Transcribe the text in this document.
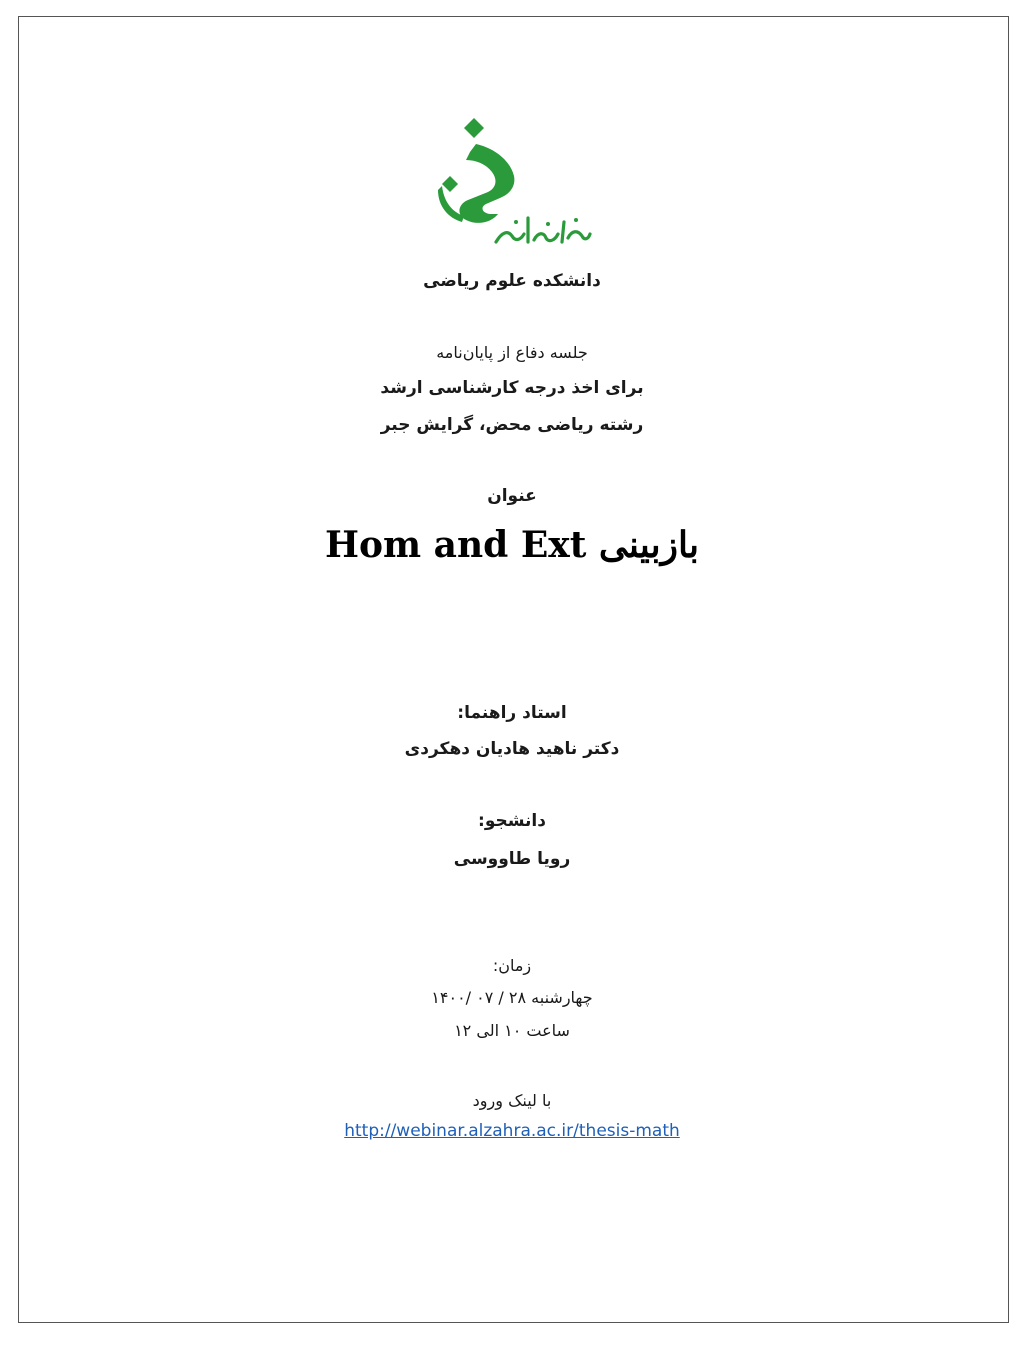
دانشکده علوم ریاضی
جلسه دفاع از پایان‌نامه
برای اخذ درجه کارشناسی ارشد
رشته ریاضی محض، گرایش جبر
عنوان
بازبینی Hom and Ext
استاد راهنما:
دکتر ناهید هادیان دهکردی
دانشجو:
رویا طاووسی
زمان:
چهارشنبه ۲۸ / ۰۷ /۱۴۰۰
ساعت ۱۰ الی ۱۲
با لینک ورود
http://webinar.alzahra.ac.ir/thesis-math
